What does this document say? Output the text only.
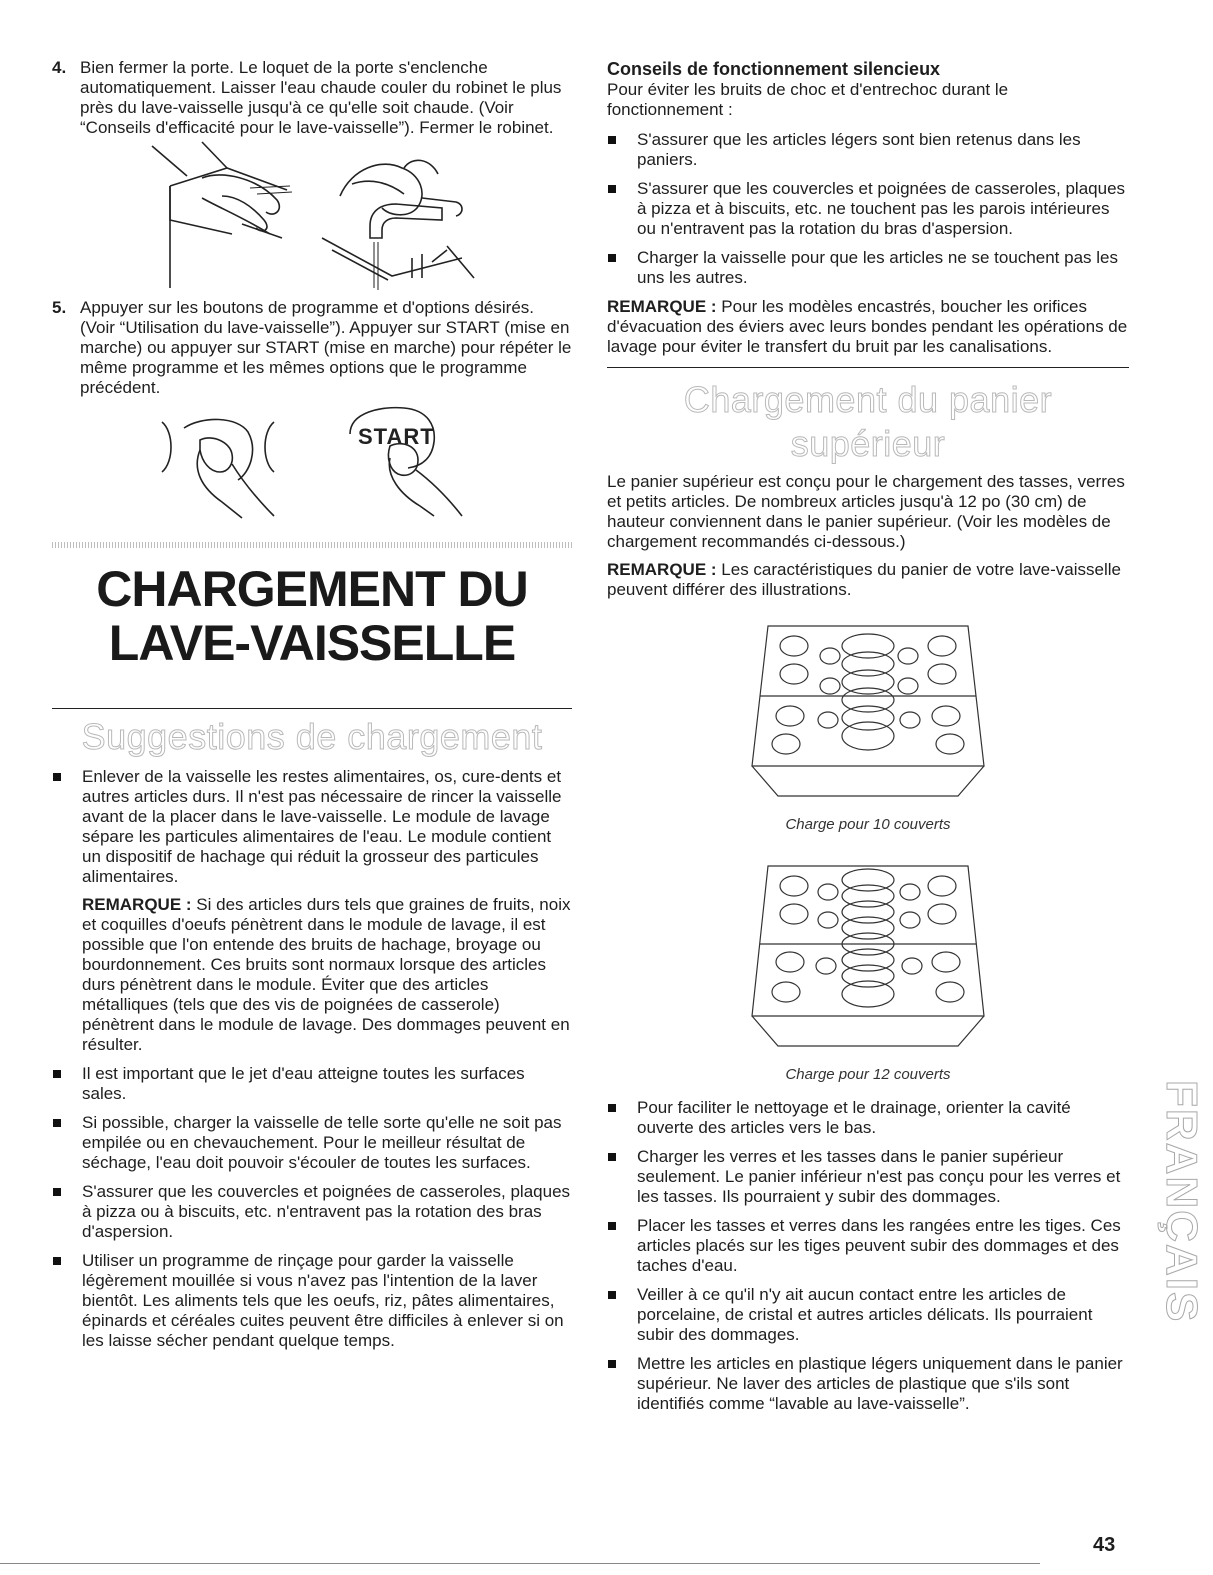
4. Bien fermer la porte. Le loquet de la porte s'enclenche automatiquement. Laisser l'eau chaude couler du robinet le plus près du lave-vaisselle jusqu'à ce qu'elle soit chaude. (Voir “Conseils d'efficacité pour le lave-vaisselle”). Fermer le robinet.

5. Appuyer sur les boutons de programme et d'options désirés. (Voir “Utilisation du lave-vaisselle”). Appuyer sur START (mise en marche) ou appuyer sur START (mise en marche) pour répéter le même programme et les mêmes options que le programme précédent.

START
CHARGEMENT DU
LAVE-VAISSELLE
Suggestions de chargement

Enlever de la vaisselle les restes alimentaires, os, cure-dents et autres articles durs. Il n'est pas nécessaire de rincer la vaisselle avant de la placer dans le lave-vaisselle. Le module de lavage sépare les particules alimentaires de l'eau. Le module contient un dispositif de hachage qui réduit la grosseur des particules alimentaires.

REMARQUE : Si des articles durs tels que graines de fruits, noix et coquilles d'oeufs pénètrent dans le module de lavage, il est possible que l'on entende des bruits de hachage, broyage ou bourdonnement. Ces bruits sont normaux lorsque des articles durs pénètrent dans le module. Éviter que des articles métalliques (tels que des vis de poignées de casserole) pénètrent dans le module de lavage. Des dommages peuvent en résulter.

Il est important que le jet d'eau atteigne toutes les surfaces sales.

Si possible, charger la vaisselle de telle sorte qu'elle ne soit pas empilée ou en chevauchement. Pour le meilleur résultat de séchage, l'eau doit pouvoir s'écouler de toutes les surfaces.

S'assurer que les couvercles et poignées de casseroles, plaques à pizza ou à biscuits, etc. n'entravent pas la rotation des bras d'aspersion.

Utiliser un programme de rinçage pour garder la vaisselle légèrement mouillée si vous n'avez pas l'intention de la laver bientôt. Les aliments tels que les oeufs, riz, pâtes alimentaires, épinards et céréales cuites peuvent être difficiles à enlever si on les laisse sécher pendant quelque temps.

Conseils de fonctionnement silencieux

Pour éviter les bruits de choc et d'entrechoc durant le fonctionnement :

S'assurer que les articles légers sont bien retenus dans les paniers.

S'assurer que les couvercles et poignées de casseroles, plaques à pizza et à biscuits, etc. ne touchent pas les parois intérieures ou n'entravent pas la rotation du bras d'aspersion.

Charger la vaisselle pour que les articles ne se touchent pas les uns les autres.

REMARQUE : Pour les modèles encastrés, boucher les orifices d'évacuation des éviers avec leurs bondes pendant les opérations de lavage pour éviter le transfert du bruit par les canalisations.

Chargement du panier supérieur

Le panier supérieur est conçu pour le chargement des tasses, verres et petits articles. De nombreux articles jusqu'à 12 po (30 cm) de hauteur conviennent dans le panier supérieur. (Voir les modèles de chargement recommandés ci-dessous.)

REMARQUE : Les caractéristiques du panier de votre lave-vaisselle peuvent différer des illustrations.

Charge pour 10 couverts
Charge pour 12 couverts

Pour faciliter le nettoyage et le drainage, orienter la cavité ouverte des articles vers le bas.

Charger les verres et les tasses dans le panier supérieur seulement. Le panier inférieur n'est pas conçu pour les verres et les tasses. Ils pourraient y subir des dommages.

Placer les tasses et verres dans les rangées entre les tiges. Ces articles placés sur les tiges peuvent subir des dommages et des taches d'eau.

Veiller à ce qu'il n'y ait aucun contact entre les articles de porcelaine, de cristal et autres articles délicats. Ils pourraient subir des dommages.

Mettre les articles en plastique légers uniquement dans le panier supérieur. Ne laver des articles de plastique que s'ils sont identifiés comme “lavable au lave-vaisselle”.

FRANÇAIS
43
